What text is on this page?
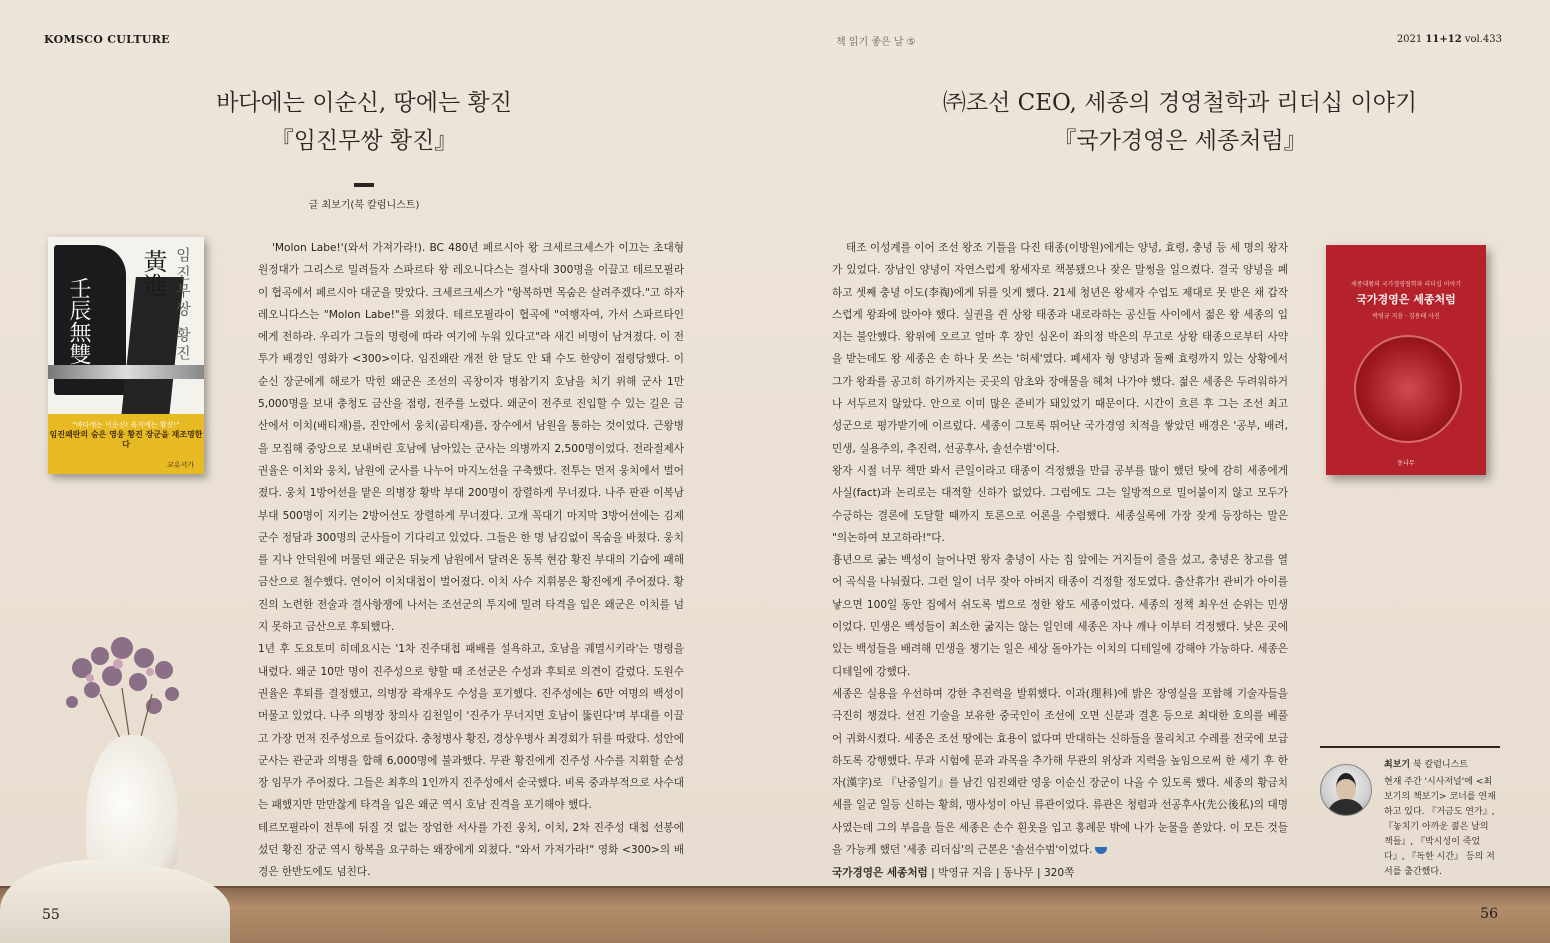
KOMSCO CULTURE	책 읽기 좋은 날 ⑤	2021 11+12 vol.433
바다에는 이순신, 땅에는 황진
『임진무쌍 황진』
글 최보기(북 칼럼니스트)
㈜조선 CEO, 세종의 경영철학과 리더십 이야기
『국가경영은 세종처럼』
黃進
壬辰無雙	임진무쌍 황진
"바다에는 이순신! 육지에는 황진!"
임진왜란의 숨은 영웅 황진 장군을 재조명한다
교유서가

'Molon Labe!'(와서 가져가라!). BC 480년 페르시아 왕 크세르크세스가 이끄는 초대형 원정대가 그리스로 밀려들자 스파르타 왕 레오니다스는 결사대 300명을 이끌고 테르모필라이 협곡에서 페르시아 대군을 맞았다. 크세르크세스가 "항복하면 목숨은 살려주겠다."고 하자 레오니다스는 "Molon Labe!"를 외쳤다. 테르모필라이 협곡에 "여행자여, 가서 스파르타인에게 전하라. 우리가 그들의 명령에 따라 여기에 누워 있다고"라 새긴 비명이 남겨졌다. 이 전투가 배경인 영화가 <300>이다. 임진왜란 개전 한 달도 안 돼 수도 한양이 점령당했다. 이순신 장군에게 해로가 막힌 왜군은 조선의 곡창이자 병참기지 호남을 치기 위해 군사 1만 5,000명을 보내 충청도 금산을 점령, 전주를 노렸다. 왜군이 전주로 진입할 수 있는 길은 금산에서 이치(배티재)를, 진안에서 웅치(곰티재)를, 장수에서 남원을 통하는 것이었다. 근왕병을 모집해 중앙으로 보내버린 호남에 남아있는 군사는 의병까지 2,500명이었다. 전라절제사 권율은 이치와 웅치, 남원에 군사를 나누어 마지노선을 구축했다. 전투는 먼저 웅치에서 벌어졌다. 웅치 1방어선을 맡은 의병장 황박 부대 200명이 장렬하게 무너졌다. 나주 판관 이복남 부대 500명이 지키는 2방어선도 장렬하게 무너졌다. 고개 꼭대기 마지막 3방어선에는 김제 군수 정담과 300명의 군사들이 기다리고 있었다. 그들은 한 명 남김없이 목숨을 바쳤다. 웅치를 지나 안덕원에 머물던 왜군은 뒤늦게 남원에서 달려온 동복 현감 황진 부대의 기습에 패해 금산으로 철수했다. 연이어 이치대첩이 벌어졌다. 이치 사수 지휘봉은 황진에게 주어졌다. 황진의 노련한 전술과 결사항쟁에 나서는 조선군의 투지에 밀려 타격을 입은 왜군은 이치를 넘지 못하고 금산으로 후퇴했다.

1년 후 도요토미 히데요시는 '1차 진주대첩 패배를 설욕하고, 호남을 궤멸시키라'는 명령을 내렸다. 왜군 10만 명이 진주성으로 향할 때 조선군은 수성과 후퇴로 의견이 갈렸다. 도원수 권율은 후퇴를 결정했고, 의병장 곽재우도 수성을 포기했다. 진주성에는 6만 여명의 백성이 머물고 있었다. 나주 의병장 창의사 김천일이 '진주가 무너지면 호남이 뚫린다'며 부대를 이끌고 가장 먼저 진주성으로 들어갔다. 충청병사 황진, 경상우병사 최경회가 뒤를 따랐다. 성안에 군사는 관군과 의병을 합해 6,000명에 불과했다. 무관 황진에게 진주성 사수를 지휘할 순성장 임무가 주어졌다. 그들은 최후의 1인까지 진주성에서 순국했다. 비록 중과부적으로 사수대는 패했지만 만만찮게 타격을 입은 왜군 역시 호남 진격을 포기해야 했다.

테르모필라이 전투에 뒤질 것 없는 장엄한 서사를 가진 웅치, 이치, 2차 진주성 대첩 선봉에 섰던 황진 장군 역시 항복을 요구하는 왜장에게 외쳤다. "와서 가져가라!" 영화 <300>의 배경은 한반도에도 넘친다.

태조 이성계를 이어 조선 왕조 기틀을 다진 태종(이방원)에게는 양녕, 효령, 충녕 등 세 명의 왕자가 있었다. 장남인 양녕이 자연스럽게 왕세자로 책봉됐으나 잦은 말썽을 일으켰다. 결국 양녕을 폐하고 셋째 충녕 이도(李祹)에게 뒤를 잇게 했다. 21세 청년은 왕세자 수업도 제대로 못 받은 채 갑작스럽게 왕좌에 앉아야 했다. 실권을 쥔 상왕 태종과 내로라하는 공신들 사이에서 젊은 왕 세종의 입지는 불안했다. 왕위에 오르고 얼마 후 장인 심온이 좌의정 박은의 무고로 상왕 태종으로부터 사약을 받는데도 왕 세종은 손 하나 못 쓰는 '허세'였다. 폐세자 형 양녕과 둘째 효령까지 있는 상황에서 그가 왕좌를 공고히 하기까지는 곳곳의 암초와 장애물을 헤쳐 나가야 했다. 젊은 세종은 두려워하거나 서두르지 않았다. 안으로 이미 많은 준비가 돼있었기 때문이다. 시간이 흐른 후 그는 조선 최고 성군으로 평가받기에 이르렀다. 세종이 그토록 뛰어난 국가경영 치적을 쌓았던 배경은 '공부, 배려, 민생, 실용주의, 추진력, 선공후사, 솔선수범'이다.

왕자 시절 너무 책만 봐서 큰일이라고 태종이 걱정했을 만큼 공부를 많이 했던 탓에 감히 세종에게 사실(fact)과 논리로는 대적할 신하가 없었다. 그럼에도 그는 일방적으로 밀어붙이지 않고 모두가 수긍하는 결론에 도달할 때까지 토론으로 어론을 수렴했다. 세종실록에 가장 잦게 등장하는 말은 "의논하여 보고하라!"다.

흉년으로 굶는 백성이 늘어나면 왕자 충녕이 사는 집 앞에는 거지들이 줄을 섰고, 충녕은 창고를 열어 곡식을 나눠줬다. 그런 일이 너무 잦아 아버지 태종이 걱정할 정도였다. 출산휴가! 관비가 아이를 낳으면 100일 동안 집에서 쉬도록 법으로 정한 왕도 세종이었다. 세종의 정책 최우선 순위는 민생이었다. 민생은 백성들이 최소한 굶지는 않는 일인데 세종은 자나 깨나 이부터 걱정했다. 낮은 곳에 있는 백성들을 배려해 민생을 챙기는 일은 세상 돌아가는 이치의 디테일에 강해야 가능하다. 세종은 디테일에 강했다.

세종은 실용을 우선하며 강한 추진력을 발휘했다. 이과(理科)에 밝은 장영실을 포함해 기술자들을 극진히 챙겼다. 선진 기술을 보유한 중국인이 조선에 오면 신분과 결혼 등으로 최대한 호의를 베풀어 귀화시켰다. 세종은 조선 땅에는 효용이 없다며 반대하는 신하들을 물리치고 수레를 전국에 보급하도록 강행했다. 무과 시험에 문과 과목을 추가해 무관의 위상과 지력을 높임으로써 한 세기 후 한자(漢字)로 『난중일기』를 남긴 임진왜란 영웅 이순신 장군이 나올 수 있도록 했다. 세종의 황금치세를 일군 일등 신하는 황희, 맹사성이 아닌 류관이었다. 류관은 청렴과 선공후사(先公後私)의 대명사였는데 그의 부음을 들은 세종은 손수 흰옷을 입고 홍례문 밖에 나가 눈물을 쏟았다. 이 모든 것들을 가능케 했던 '세종 리더십'의 근본은 '솔선수범'이었다.

국가경영은 세종처럼 | 박영규 지음 | 동나무 | 320쪽
세종대왕의 국가경영철학과 리더십 이야기
국가경영은 세종처럼
박영규 지음 · 김용태 사진
동나무
최보기 북 칼럼니스트
현재 주간 '시사저널'에 <최보기의 책보기> 코너를 연재하고 있다. 『거금도 연가』, 『놓치기 아까운 젊은 날의 책들』, 『박시성이 죽었다』, 『독한 시간』 등의 저서를 출간했다.
55	56
